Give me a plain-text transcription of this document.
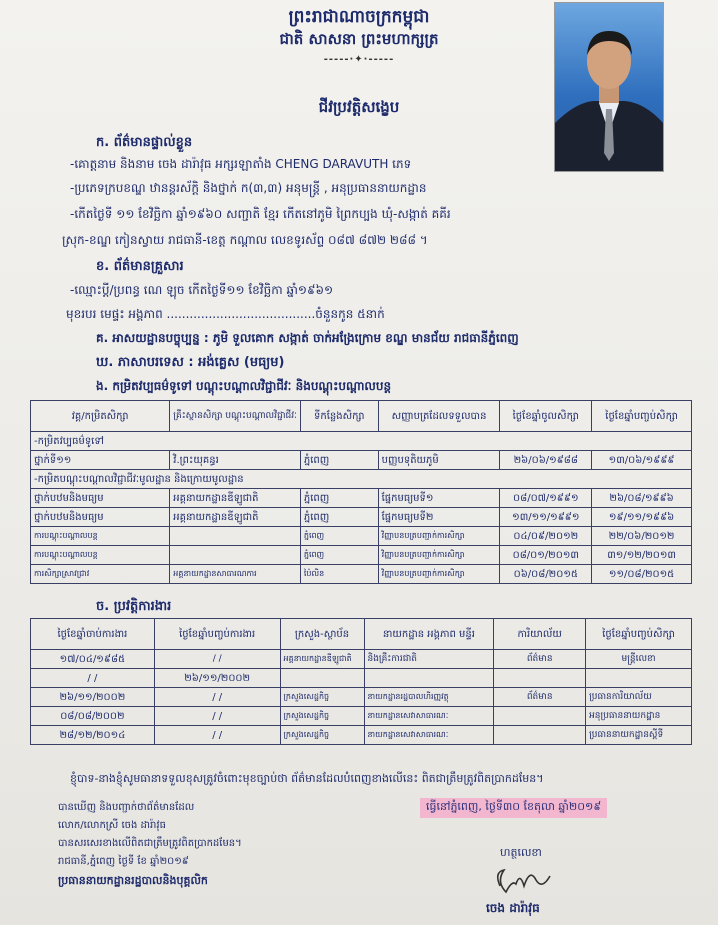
ព្រះរាជាណាចក្រកម្ពុជា
ជាតិ សាសនា ព្រះមហាក្សត្រ
-----·✦·-----
ជីវប្រវត្តិសង្ខេប
ក. ព័ត៌មានផ្ទាល់ខ្លួន
-គោត្តនាម និងនាម ចេង ដារ៉ាវុធ អក្សរឡាតាំង CHENG DARAVUTH ភេទ
-ប្រភេទក្របខណ្ឌ ឋានន្តរស័ក្តិ និងថ្នាក់ ក(៣,៣) អនុមន្ត្រី , អនុប្រធាននាយកដ្ឋាន
-កើតថ្ងៃទី ១១ ខែវិច្ឆិកា ឆ្នាំ១៩៦០ សញ្ជាតិ ខ្មែរ កើតនៅភូមិ ព្រៃកប្បង ឃុំ-សង្កាត់ គគីរ
ស្រុក-ខណ្ឌ កៀនស្វាយ រាជធានី-ខេត្ត កណ្តាល លេខទូរស័ព្ទ ០៨៧ ៨៧២ ២៨៨ ។
ខ. ព័ត៌មានគ្រួសារ
-ឈ្មោះប្តី/ប្រពន្ធ ណេ ឡុច កើតថ្ងៃទី១១ ខែវិច្ឆិកា ឆ្នាំ១៩៦១
មុខរបរ មេផ្ទះ អង្គភាព .......................................ចំនួនកូន ៥នាក់
គ. អាសយដ្ឋានបច្ចុប្បន្ន : ភូមិ ទួលគោក សង្កាត់ ចាក់អង្រែក្រោម ខណ្ឌ មានជ័យ រាជធានីភ្នំពេញ
ឃ. ភាសាបរទេស : អង់គ្លេស (មធ្យម)
ង. កម្រិតវប្បធម៌ទូទៅ បណ្តុះបណ្តាលវិជ្ជាជីវៈ និងបណ្តុះបណ្តាលបន្ត
វគ្គ/កម្រិតសិក្សា	គ្រឹះស្ថានសិក្សា បណ្តុះបណ្តាលវិជ្ជាជីវៈ	ទីកន្លែងសិក្សា	សញ្ញាបត្រដែលទទួលបាន	ថ្ងៃខែឆ្នាំចូលសិក្សា	ថ្ងៃខែឆ្នាំបញ្ចប់សិក្សា
-កម្រិតវប្បធម៌ទូទៅ					
ថ្នាក់ទី១១	វិ.ព្រះយុគន្ធរ	ភ្នំពេញ	បញ្ញបទុតិយភូមិ	២៦/០៦/១៩៨៨	១៣/០៦/១៩៩៩
-កម្រិតបណ្តុះបណ្តាលវិជ្ជាជីវៈមូលដ្ឋាន និងក្រោយមូលដ្ឋាន					
ថ្នាក់បឋមនិងមធ្យម	អគ្គនាយកដ្ឋានឌីឡូជាតិ	ភ្នំពេញ	ផ្នែកមធ្យមទី១	០៨/០៧/១៩៩១	២៦/០៨/១៩៩៦
ថ្នាក់បឋមនិងមធ្យម	អគ្គនាយកដ្ឋានឌីឡូជាតិ	ភ្នំពេញ	ផ្នែកមធ្យមទី២	១៣/១១/១៩៩១	១៩/១១/១៩៩៦
ការបណ្តុះបណ្តាលបន្ត		ភ្នំពេញ	វិញ្ញាបនបត្របញ្ជាក់ការសិក្សា	០៤/០៩/២០១២	២២/០៦/២០១២
ការបណ្តុះបណ្តាលបន្ត		ភ្នំពេញ	វិញ្ញាបនបត្របញ្ជាក់ការសិក្សា	០៨/០១/២០១៣	៣១/១២/២០១៣
ការសិក្សាស្រាវជ្រាវ	អគ្គនាយកដ្ឋានសាធារណការ	ប៉ៃលិន	វិញ្ញាបនបត្របញ្ជាក់ការសិក្សា	០៦/០៨/២០១៥	១១/០៨/២០១៥
ច. ប្រវត្តិការងារ
ថ្ងៃខែឆ្នាំចាប់ការងារ	ថ្ងៃខែឆ្នាំបញ្ចប់ការងារ	ក្រសួង-ស្ថាប័ន	នាយកដ្ឋាន អង្គភាព មន្ទីរ	ការិយាល័យ	ថ្ងៃខែឆ្នាំបញ្ចប់សិក្សា
១៧/០៤/១៩៨៥	/ /	អគ្គនាយកដ្ឋានឌីឡូជាតិ	និងគ្រឹះការជាតិ	ព័ត៌មាន	មន្ត្រីលេខា
/ /	២៦/១១/២០០២				
២៦/១១/២០០២	/ /	ក្រសួងសេដ្ឋកិច្ច	នាយកដ្ឋានរដ្ឋបាលហិរញ្ញវត្ថុ	ព័ត៌មាន	ប្រធានការិយាល័យ
០៨/០៨/២០០២	/ /	ក្រសួងសេដ្ឋកិច្ច	នាយកដ្ឋានសេវាសាធារណៈ		អនុប្រធាននាយកដ្ឋាន
២៨/១២/២០១៤	/ /	ក្រសួងសេដ្ឋកិច្ច	នាយកដ្ឋានសេវាសាធារណៈ		ប្រធាននាយកដ្ឋានស្តីទី
ខ្ញុំបាទ-នាងខ្ញុំសូមធានាទទួលខុសត្រូវចំពោះមុខច្បាប់ថា ព័ត៌មានដែលបំពេញខាងលើនេះ ពិតជាត្រឹមត្រូវពិតប្រាកដមែន។
បានឃើញ និងបញ្ជាក់ថាព័ត៌មានដែល
លោក/លោកស្រី ចេង ដារ៉ាវុធ
បានសរសេរខាងលើពិតជាត្រឹមត្រូវពិតប្រាកដមែន។
រាជធានី,ភ្នំពេញ ថ្ងៃទី ខែ ឆ្នាំ២០១៩
ប្រធាននាយកដ្ឋានរដ្ឋបាលនិងបុគ្គលិក
ធ្វើនៅភ្នំពេញ, ថ្ងៃទី៣០ ខែតុលា ឆ្នាំ២០១៩
ហត្ថលេខា
ចេង ដារ៉ាវុធ
